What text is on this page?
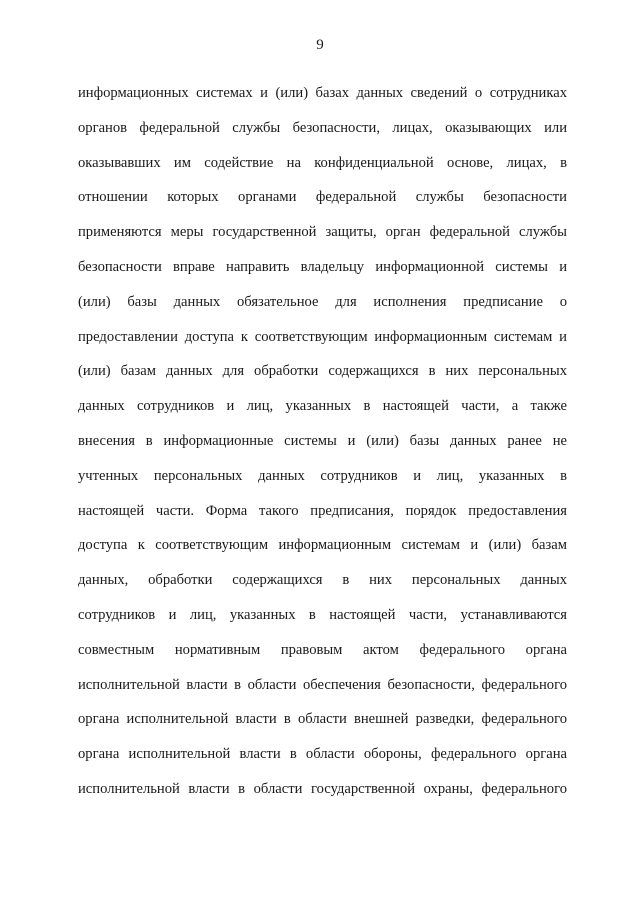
9
информационных системах и (или) базах данных сведений о сотрудниках
органов федеральной службы безопасности, лицах, оказывающих или
оказывавших им содействие на конфиденциальной основе, лицах, в
отношении которых органами федеральной службы безопасности
применяются меры государственной защиты, орган федеральной службы
безопасности вправе направить владельцу информационной системы и
(или) базы данных обязательное для исполнения предписание о
предоставлении доступа к соответствующим информационным системам и
(или) базам данных для обработки содержащихся в них персональных
данных сотрудников и лиц, указанных в настоящей части, а также
внесения в информационные системы и (или) базы данных ранее не
учтенных персональных данных сотрудников и лиц, указанных в
настоящей части. Форма такого предписания, порядок предоставления
доступа к соответствующим информационным системам и (или) базам
данных, обработки содержащихся в них персональных данных
сотрудников и лиц, указанных в настоящей части, устанавливаются
совместным нормативным правовым актом федерального органа
исполнительной власти в области обеспечения безопасности, федерального
органа исполнительной власти в области внешней разведки, федерального
органа исполнительной власти в области обороны, федерального органа
исполнительной власти в области государственной охраны, федерального
